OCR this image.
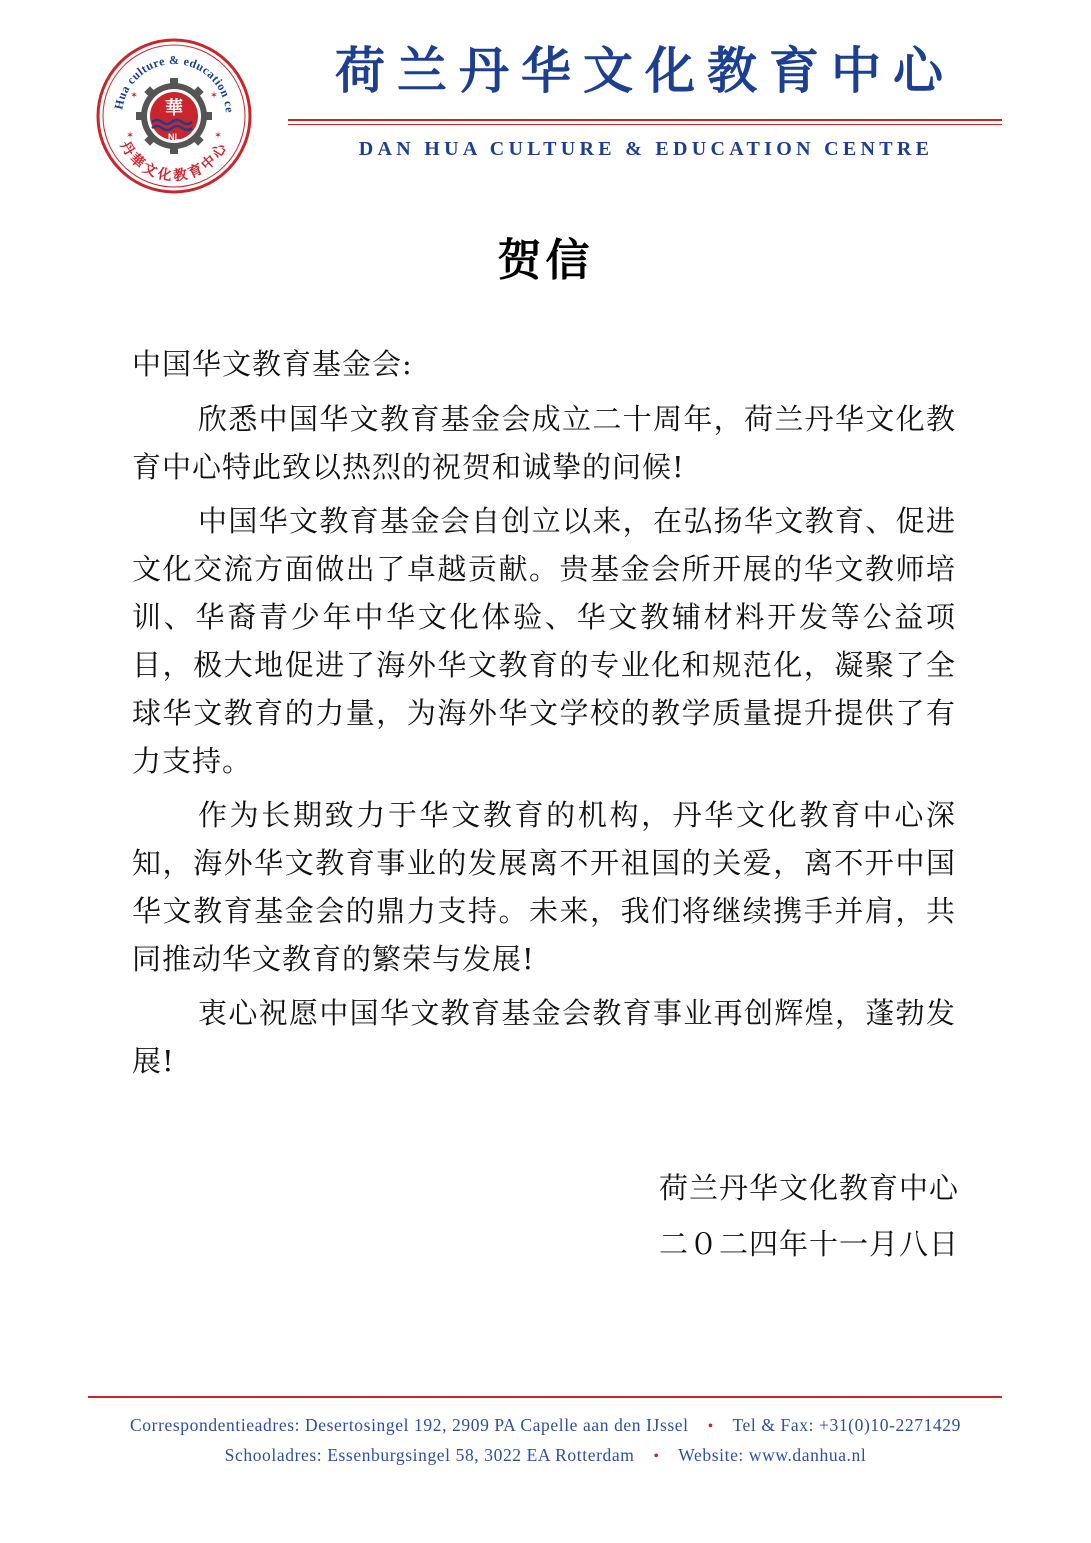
Hua culture & education ce
丹華文化教育中心
華
NL
✶	✶
✶	✶
荷兰丹华文化教育中心
DAN HUA CULTURE & EDUCATION CENTRE
贺信
中国华文教育基金会:

欣悉中国华文教育基金会成立二十周年，荷兰丹华文化教育中心特此致以热烈的祝贺和诚挚的问候!

中国华文教育基金会自创立以来，在弘扬华文教育、促进文化交流方面做出了卓越贡献。贵基金会所开展的华文教师培训、华裔青少年中华文化体验、华文教辅材料开发等公益项目，极大地促进了海外华文教育的专业化和规范化，凝聚了全球华文教育的力量，为海外华文学校的教学质量提升提供了有力支持。

作为长期致力于华文教育的机构，丹华文化教育中心深知，海外华文教育事业的发展离不开祖国的关爱，离不开中国华文教育基金会的鼎力支持。未来，我们将继续携手并肩，共同推动华文教育的繁荣与发展!

衷心祝愿中国华文教育基金会教育事业再创辉煌，蓬勃发展!

荷兰丹华文化教育中心
二０二四年十一月八日
Correspondentieadres: Desertosingel 192, 2909 PA Capelle aan den IJssel • Tel & Fax: +31(0)10-2271429
Schooladres: Essenburgsingel 58, 3022 EA Rotterdam • Website: www.danhua.nl
